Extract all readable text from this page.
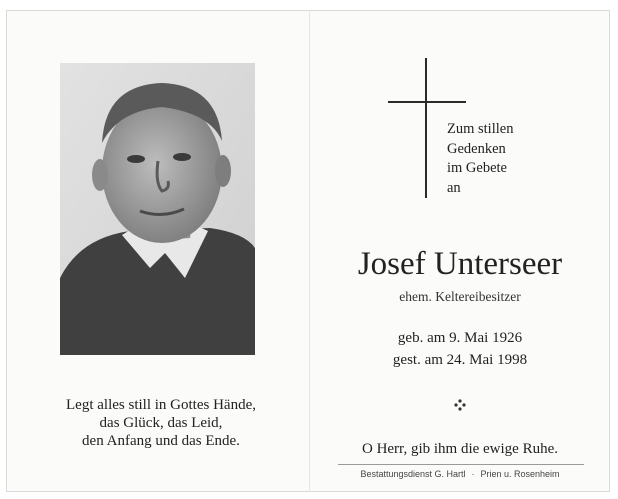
Legt alles still in Gottes Hände,
das Glück, das Leid,
den Anfang und das Ende.
Zum stillen
Gedenken
im Gebete
an
Josef Unterseer
ehem. Keltereibesitzer
geb. am 9. Mai 1926
gest. am 24. Mai 1998
O Herr, gib ihm die ewige Ruhe.
Bestattungsdienst G. Hartl · Prien u. Rosenheim
